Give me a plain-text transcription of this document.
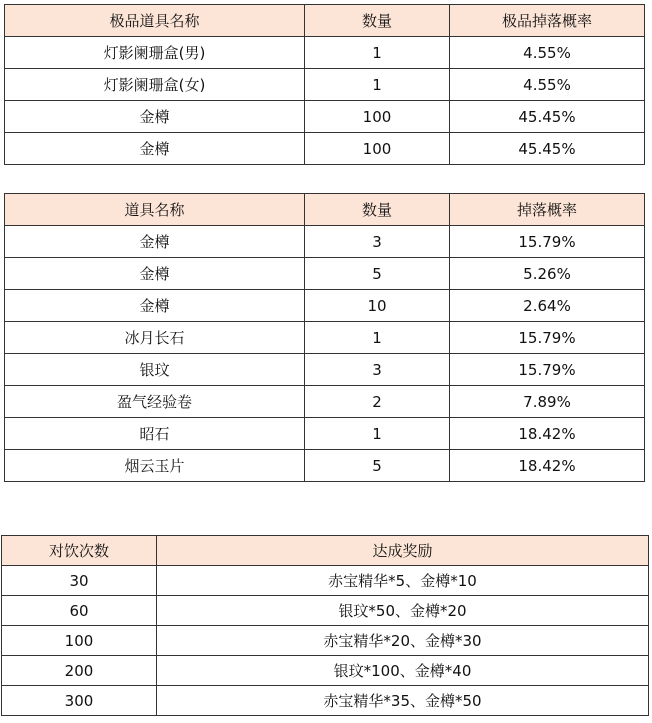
极品道具名称	数量	极品掉落概率
灯影阑珊盒(男)	1	4.55%
灯影阑珊盒(女)	1	4.55%
金樽	100	45.45%
金樽	100	45.45%
道具名称	数量	掉落概率
金樽	3	15.79%
金樽	5	5.26%
金樽	10	2.64%
冰月长石	1	15.79%
银玟	3	15.79%
盈气经验卷	2	7.89%
昭石	1	18.42%
烟云玉片	5	18.42%
对饮次数	达成奖励
30	赤宝精华*5、金樽*10
60	银玟*50、金樽*20
100	赤宝精华*20、金樽*30
200	银玟*100、金樽*40
300	赤宝精华*35、金樽*50
